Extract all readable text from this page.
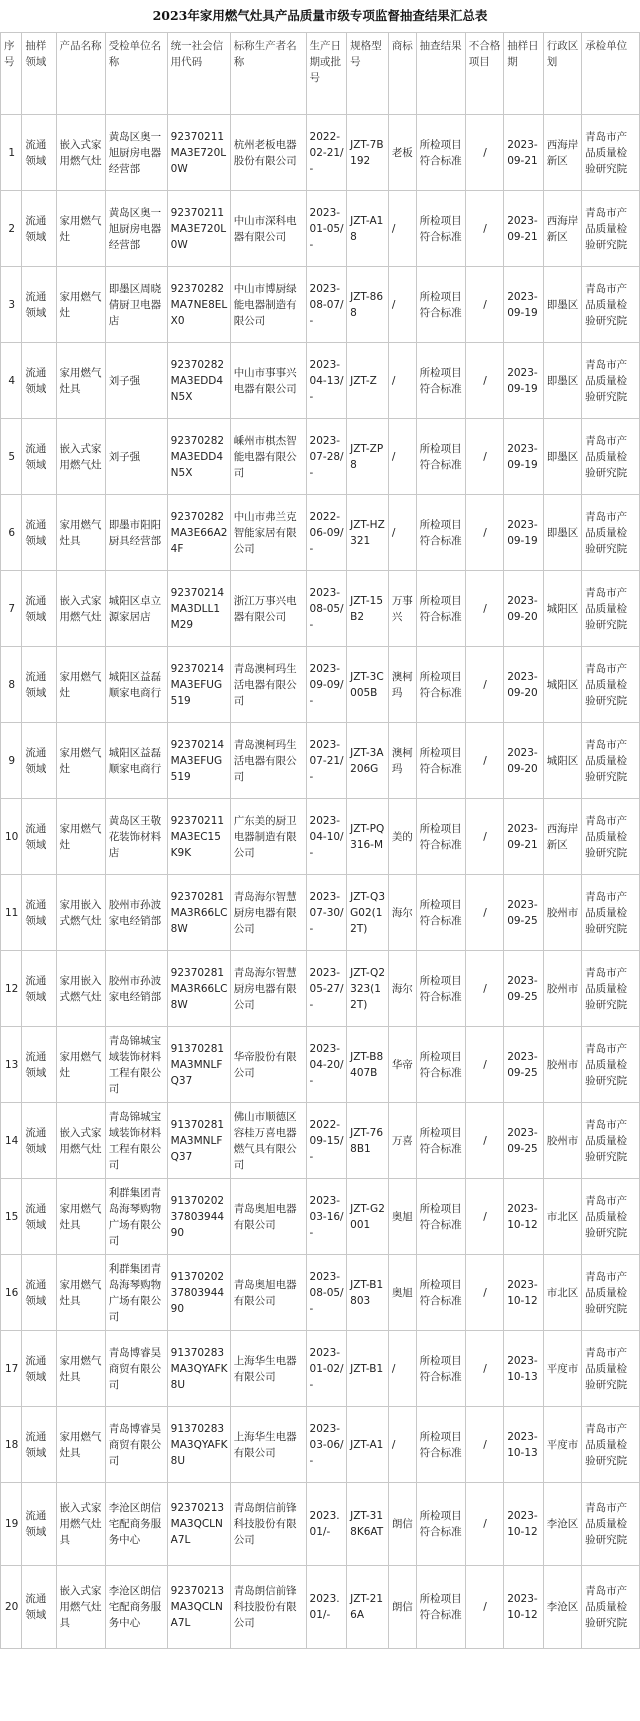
2023年家用燃气灶具产品质量市级专项监督抽查结果汇总表
序号	抽样领域	产品名称	受检单位名称	统一社会信用代码	标称生产者名称	生产日期或批号	规格型号	商标	抽查结果	不合格项目	抽样日期	行政区划	承检单位
1	流通领域	嵌入式家用燃气灶	黄岛区奥一旭厨房电器经营部	92370211MA3E720L0W	杭州老板电器股份有限公司	2022-02-21/-	JZT-7B192	老板	所检项目符合标准	/	2023-09-21	西海岸新区	青岛市产品质量检验研究院
2	流通领域	家用燃气灶	黄岛区奥一旭厨房电器经营部	92370211MA3E720L0W	中山市深科电器有限公司	2023-01-05/-	JZT-A18	/	所检项目符合标准	/	2023-09-21	西海岸新区	青岛市产品质量检验研究院
3	流通领域	家用燃气灶	即墨区周晓倩厨卫电器店	92370282MA7NE8ELX0	中山市博厨绿能电器制造有限公司	2023-08-07/-	JZT-868	/	所检项目符合标准	/	2023-09-19	即墨区	青岛市产品质量检验研究院
4	流通领域	家用燃气灶具	刘子强	92370282MA3EDD4N5X	中山市事事兴电器有限公司	2023-04-13/-	JZT-Z	/	所检项目符合标准	/	2023-09-19	即墨区	青岛市产品质量检验研究院
5	流通领域	嵌入式家用燃气灶	刘子强	92370282MA3EDD4N5X	嵊州市棋杰智能电器有限公司	2023-07-28/-	JZT-ZP8	/	所检项目符合标准	/	2023-09-19	即墨区	青岛市产品质量检验研究院
6	流通领域	家用燃气灶具	即墨市阳阳厨具经营部	92370282MA3E66A24F	中山市弗兰克智能家居有限公司	2022-06-09/-	JZT-HZ321	/	所检项目符合标准	/	2023-09-19	即墨区	青岛市产品质量检验研究院
7	流通领域	嵌入式家用燃气灶	城阳区卓立源家居店	92370214MA3DLL1M29	浙江万事兴电器有限公司	2023-08-05/-	JZT-15B2	万事兴	所检项目符合标准	/	2023-09-20	城阳区	青岛市产品质量检验研究院
8	流通领域	家用燃气灶	城阳区益磊顺家电商行	92370214MA3EFUG519	青岛澳柯玛生活电器有限公司	2023-09-09/-	JZT-3C005B	澳柯玛	所检项目符合标准	/	2023-09-20	城阳区	青岛市产品质量检验研究院
9	流通领域	家用燃气灶	城阳区益磊顺家电商行	92370214MA3EFUG519	青岛澳柯玛生活电器有限公司	2023-07-21/-	JZT-3A206G	澳柯玛	所检项目符合标准	/	2023-09-20	城阳区	青岛市产品质量检验研究院
10	流通领域	家用燃气灶	黄岛区王敬花装饰材料店	92370211MA3EC15K9K	广东美的厨卫电器制造有限公司	2023-04-10/-	JZT-PQ316-M	美的	所检项目符合标准	/	2023-09-21	西海岸新区	青岛市产品质量检验研究院
11	流通领域	家用嵌入式燃气灶	胶州市孙波家电经销部	92370281MA3R66LC8W	青岛海尔智慧厨房电器有限公司	2023-07-30/-	JZT-Q3G02(12T)	海尔	所检项目符合标准	/	2023-09-25	胶州市	青岛市产品质量检验研究院
12	流通领域	家用嵌入式燃气灶	胶州市孙波家电经销部	92370281MA3R66LC8W	青岛海尔智慧厨房电器有限公司	2023-05-27/-	JZT-Q2323(12T)	海尔	所检项目符合标准	/	2023-09-25	胶州市	青岛市产品质量检验研究院
13	流通领域	家用燃气灶	青岛锦城宝域装饰材料工程有限公司	91370281MA3MNLFQ37	华帝股份有限公司	2023-04-20/-	JZT-B8407B	华帝	所检项目符合标准	/	2023-09-25	胶州市	青岛市产品质量检验研究院
14	流通领域	嵌入式家用燃气灶	青岛锦城宝域装饰材料工程有限公司	91370281MA3MNLFQ37	佛山市顺德区容桂万喜电器燃气具有限公司	2022-09-15/-	JZT-768B1	万喜	所检项目符合标准	/	2023-09-25	胶州市	青岛市产品质量检验研究院
15	流通领域	家用燃气灶具	利群集团青岛海琴购物广场有限公司	913702023780394490	青岛奥旭电器有限公司	2023-03-16/-	JZT-G2001	奥旭	所检项目符合标准	/	2023-10-12	市北区	青岛市产品质量检验研究院
16	流通领域	家用燃气灶具	利群集团青岛海琴购物广场有限公司	913702023780394490	青岛奥旭电器有限公司	2023-08-05/-	JZT-B1803	奥旭	所检项目符合标准	/	2023-10-12	市北区	青岛市产品质量检验研究院
17	流通领域	家用燃气灶具	青岛博睿昊商贸有限公司	91370283MA3QYAFK8U	上海华生电器有限公司	2023-01-02/-	JZT-B1	/	所检项目符合标准	/	2023-10-13	平度市	青岛市产品质量检验研究院
18	流通领域	家用燃气灶具	青岛博睿昊商贸有限公司	91370283MA3QYAFK8U	上海华生电器有限公司	2023-03-06/-	JZT-A1	/	所检项目符合标准	/	2023-10-13	平度市	青岛市产品质量检验研究院
19	流通领域	嵌入式家用燃气灶具	李沧区朗信宅配商务服务中心	92370213MA3QCLNA7L	青岛朗信前锋科技股份有限公司	2023.01/-	JZT-318K6AT	朗信	所检项目符合标准	/	2023-10-12	李沧区	青岛市产品质量检验研究院
20	流通领域	嵌入式家用燃气灶具	李沧区朗信宅配商务服务中心	92370213MA3QCLNA7L	青岛朗信前锋科技股份有限公司	2023.01/-	JZT-216A	朗信	所检项目符合标准	/	2023-10-12	李沧区	青岛市产品质量检验研究院
